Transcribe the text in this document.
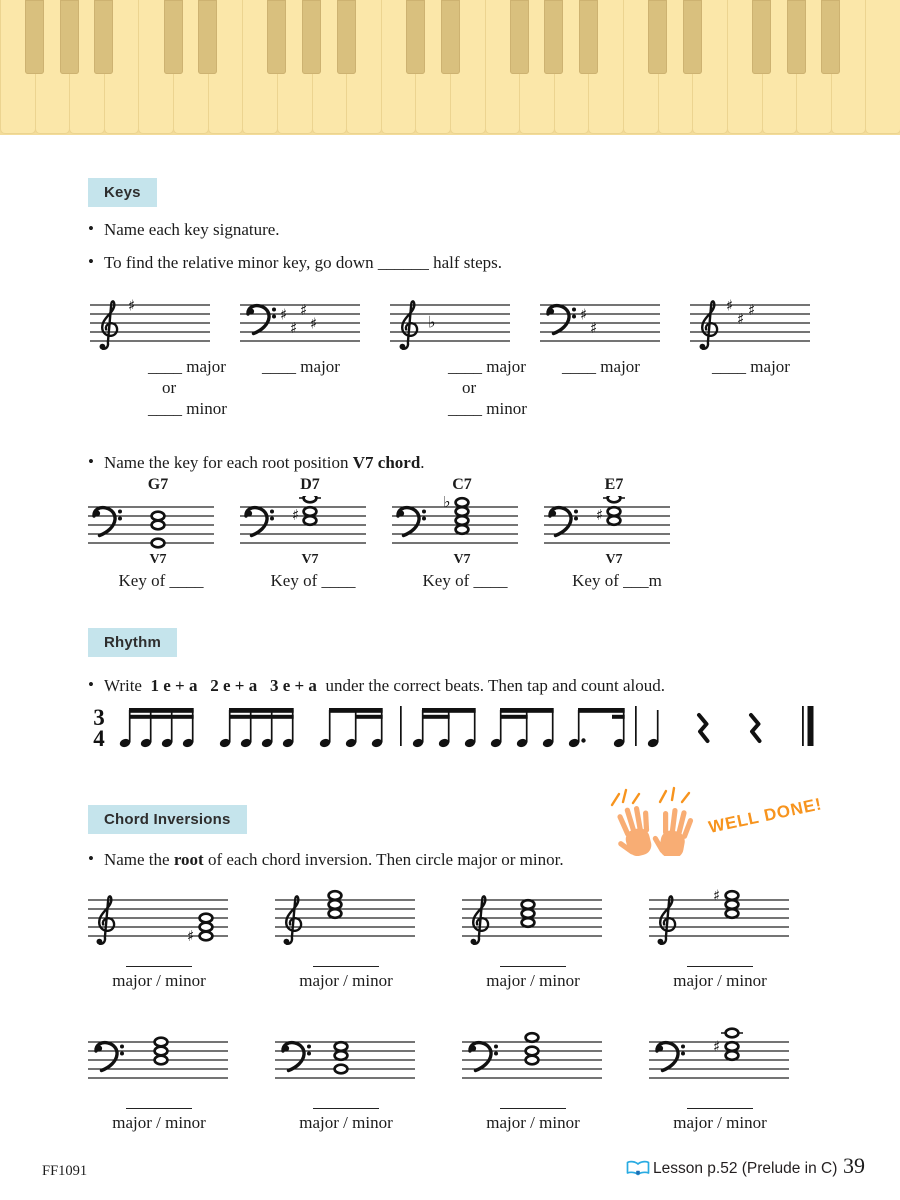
Keys
• Name each key signature.
• To find the relative minor key, go down ______ half steps.
♯
____ major
or
____ minor
♯
♯
♯
♯
____ major
♭
____ major
or
____ minor
♯
♯
____ major
♯
♯ ♯
____ major
• Name the key for each root position V7 chord.
G7
V7
Key of ____
D7
♯
V7
Key of ____
C7
♭
V7
Key of ____
E7
♯
V7
Key of ___m
Rhythm
• Write 1 e + a   2 e + a   3 e + a under the correct beats. Then tap and count aloud.
3
4
Chord Inversions	WELL DONE!
• Name the root of each chord inversion. Then circle major or minor.
♯
major / minor	major / minor	major / minor
♯
major / minor
major / minor	major / minor	major / minor
♯
major / minor
FF1091	Lesson p.52 (Prelude in C) 39
